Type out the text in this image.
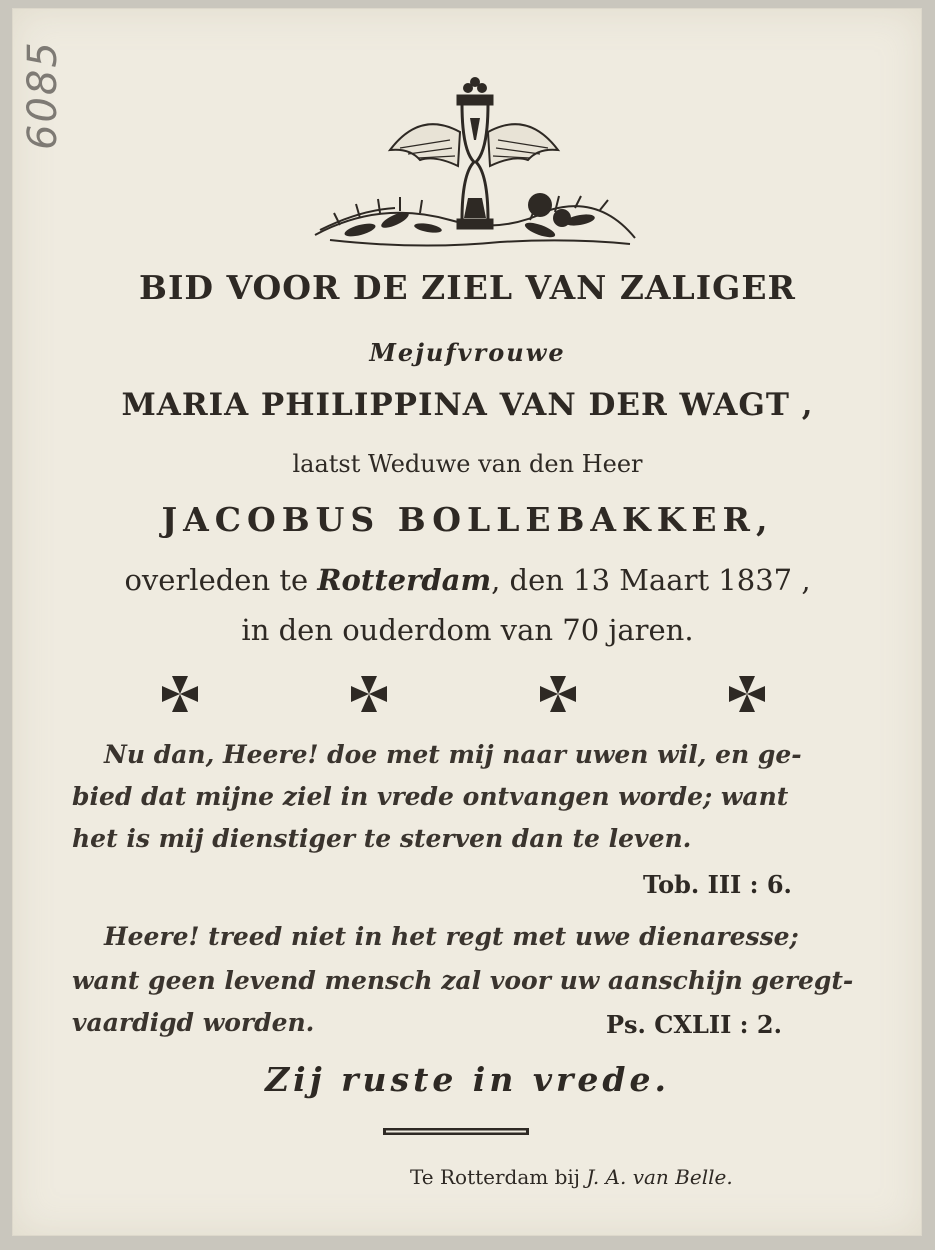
6085
BID VOOR DE ZIEL VAN ZALIGER
Mejufvrouwe
MARIA PHILIPPINA VAN DER WAGT ,
laatst Weduwe van den Heer
JACOBUS BOLLEBAKKER,
overleden te Rotterdam, den 13 Maart 1837 ,
in den ouderdom van 70 jaren.
Nu dan, Heere! doe met mij naar uwen wil, en ge-
bied dat mijne ziel in vrede ontvangen worde; want
het is mij dienstiger te sterven dan te leven.
Tob. III : 6.
Heere! treed niet in het regt met uwe dienaresse;
want geen levend mensch zal voor uw aanschijn geregt-
vaardigd worden.	Ps. CXLII : 2.
Zij ruste in vrede.
Te Rotterdam bij J. A. van Belle.
